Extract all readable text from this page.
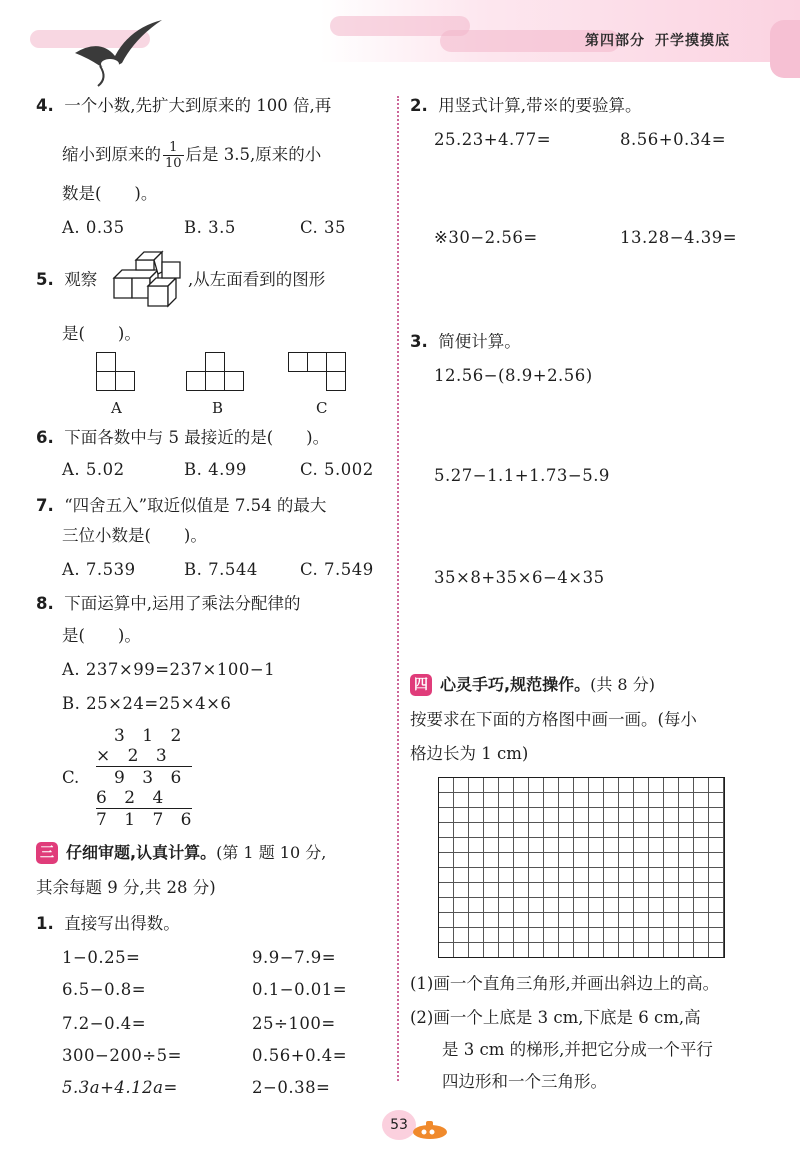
第四部分 开学摸摸底
4. 一个小数,先扩大到原来的 100 倍,再
缩小到原来的 $\frac{1}{10}$ 后是 3.5,原来的小
数是(　　)。
A. 0.35	B. 3.5	C. 35
5. 观察	,从左面看到的图形
是(　　)。
A	B	C
6. 下面各数中与 5 最接近的是(　　)。
A. 5.02	B. 4.99	C. 5.002
7. “四舍五入”取近似值是 7.54 的最大
三位小数是(　　)。
A. 7.539	B. 7.544	C. 7.549
8. 下面运算中,运用了乘法分配律的
是(　　)。
A. 237×99=237×100−1
B. 25×24=25×4×6
C.
3 1 2
× 2 3
9 3 6
6 2 4
7 1 7 6
三 仔细审题,认真计算。(第 1 题 10 分,
其余每题 9 分,共 28 分)
1. 直接写出得数。
1−0.25=	9.9−7.9=
6.5−0.8=	0.1−0.01=
7.2−0.4=	25÷100=
300−200÷5=	0.56+0.4=
5.3a+4.12a=	2−0.38=
2. 用竖式计算,带※的要验算。
25.23+4.77=	8.56+0.34=
※30−2.56=	13.28−4.39=
3. 简便计算。
12.56−(8.9+2.56)
5.27−1.1+1.73−5.9
35×8+35×6−4×35
四 心灵手巧,规范操作。(共 8 分)
按要求在下面的方格图中画一画。(每小
格边长为 1 cm)
(1)画一个直角三角形,并画出斜边上的高。
(2)画一个上底是 3 cm,下底是 6 cm,高
是 3 cm 的梯形,并把它分成一个平行
四边形和一个三角形。
53
